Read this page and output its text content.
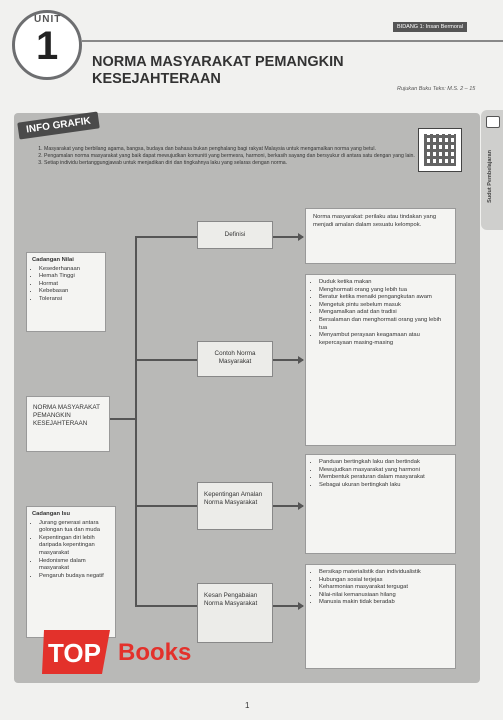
UNIT
1	BIDANG 1: Insan Bermoral
NORMA MASYARAKAT PEMANGKIN
KESEJAHTERAAN
Rujukan Buku Teks: M.S. 2 – 15
Sudut Pembelajaran
INFO GRAFIK
1. Masyarakat yang berbilang agama, bangsa, budaya dan bahasa bukan penghalang bagi rakyat Malaysia untuk mengamalkan norma yang betul.
2. Pengamalan norma masyarakat yang baik dapat mewujudkan komuniti yang bermesra, harmoni, berkasih sayang dan bersyukur di antara satu dengan yang lain.
3. Setiap individu bertanggungjawab untuk menjadikan diri dan tingkahnya laku yang selaras dengan norma.
Cadangan Nilai
• Kesederhanaan
• Hemah Tinggi
• Hormat
• Kebebasan
• Toleransi
NORMA MASYARAKAT PEMANGKIN KESEJAHTERAAN
Cadangan Isu
• Jurang generasi antara golongan tua dan muda
• Kepentingan diri lebih daripada kepentingan masyarakat
• Hedonisme dalam masyarakat
• Pengaruh budaya negatif
Definisi
Contoh Norma Masyarakat
Kepentingan Amalan Norma Masyarakat
Kesan Pengabaian Norma Masyarakat
Norma masyarakat: perilaku atau tindakan yang menjadi amalan dalam sesuatu kelompok.
• Duduk ketika makan
• Menghormati orang yang lebih tua
• Beratur ketika menaiki pengangkutan awam
• Mengetuk pintu sebelum masuk
• Mengamalkan adat dan tradisi
• Bersalaman dan menghormati orang yang lebih tua
• Menyambut perayaan keagamaan atau kepercayaan masing-masing
• Panduan bertingkah laku dan bertindak
• Mewujudkan masyarakat yang harmoni
• Membentuk peraturan dalam masyarakat
• Sebagai ukuran bertingkah laku
• Bersikap materialistik dan individualistik
• Hubungan sosial terjejas
• Keharmonian masyarakat tergugat
• Nilai-nilai kemanusiaan hilang
• Manusia makin tidak beradab
TOP Books
1
